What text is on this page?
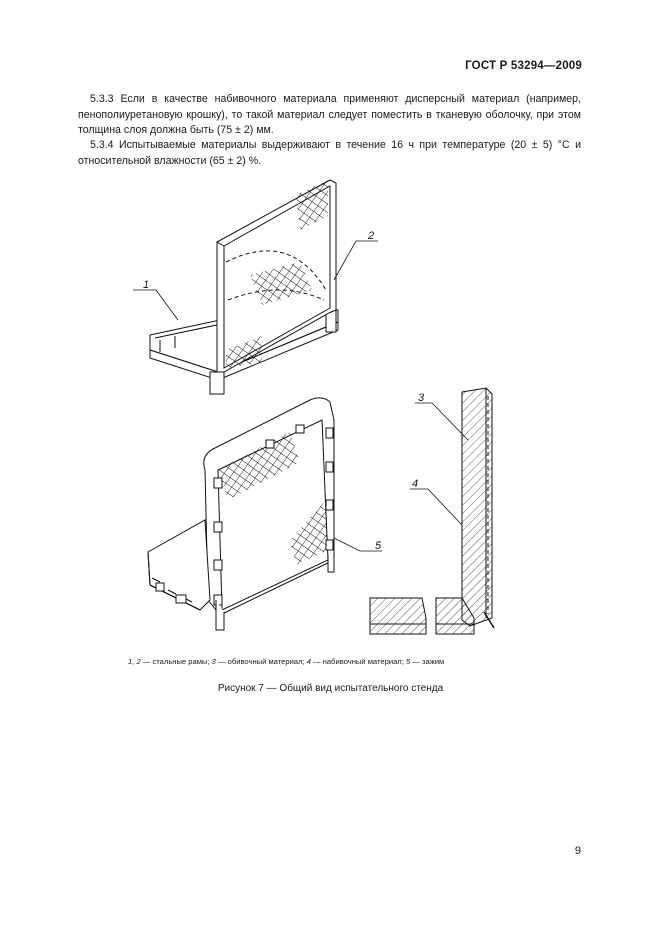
ГОСТ Р 53294—2009
5.3.3 Если в качестве набивочного материала применяют дисперсный материал (например, пенополиуретановую крошку), то такой материал следует поместить в тканевую оболочку, при этом толщина слоя должна быть (75 ± 2) мм.
5.3.4 Испытываемые материалы выдерживают в течение 16 ч при температуре (20 ± 5) °С и относительной влажности (65 ± 2) %.
1
2
3
4
5
1, 2 — стальные рамы; 3 — обивочный материал; 4 — набивочный материал; 5 — зажим
Рисунок 7 — Общий вид испытательного стенда
9
